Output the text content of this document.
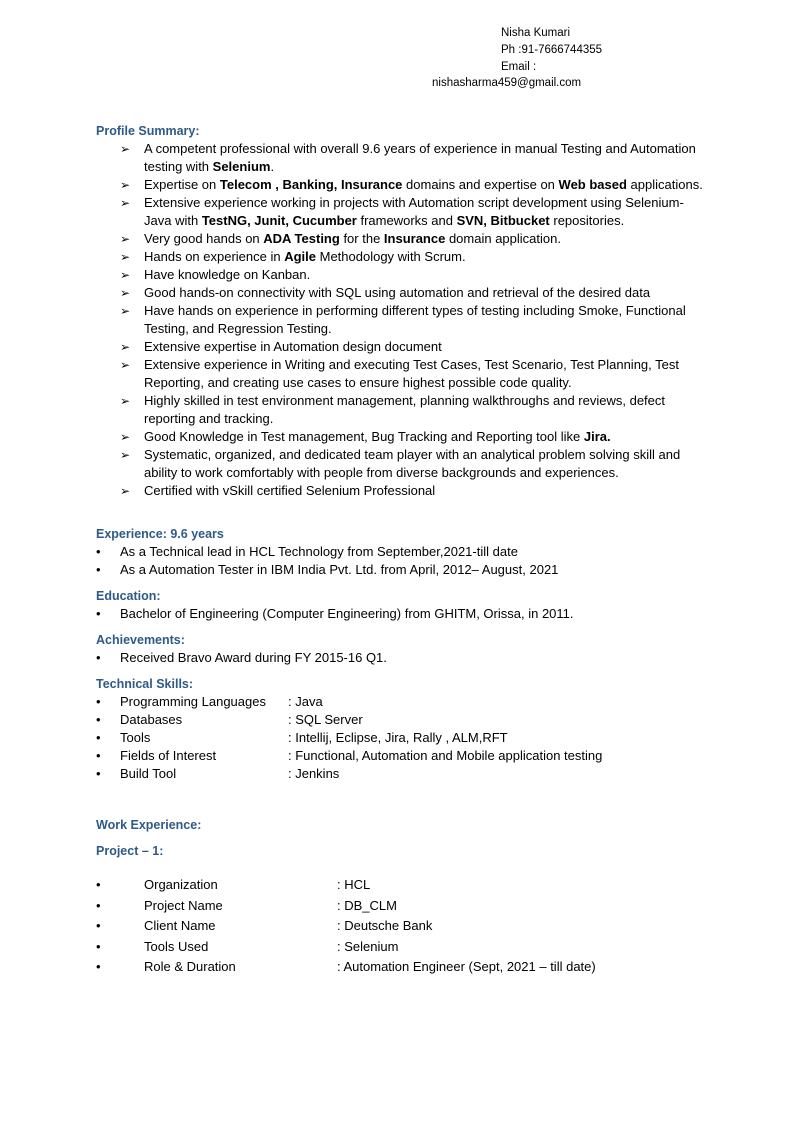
Nisha Kumari
Ph :91-7666744355
Email :
nishasharma459@gmail.com
Profile Summary:
➢	A competent professional with overall 9.6 years of experience in manual Testing and Automation testing with Selenium.
➢	Expertise on Telecom , Banking, Insurance domains and expertise on Web based applications.
➢	Extensive experience working in projects with Automation script development using Selenium-Java with TestNG, Junit, Cucumber frameworks and SVN, Bitbucket repositories.
➢	Very good hands on ADA Testing for the Insurance domain application.
➢	Hands on experience in Agile Methodology with Scrum.
➢	Have knowledge on Kanban.
➢	Good hands-on connectivity with SQL using automation and retrieval of the desired data
➢	Have hands on experience in performing different types of testing including Smoke, Functional Testing, and Regression Testing.
➢	Extensive expertise in Automation design document
➢	Extensive experience in Writing and executing Test Cases, Test Scenario, Test Planning, Test Reporting, and creating use cases to ensure highest possible code quality.
➢	Highly skilled in test environment management, planning walkthroughs and reviews, defect reporting and tracking.
➢	Good Knowledge in Test management, Bug Tracking and Reporting tool like Jira.
➢	Systematic, organized, and dedicated team player with an analytical problem solving skill and ability to work comfortably with people from diverse backgrounds and experiences.
➢	Certified with vSkill certified Selenium Professional
Experience: 9.6 years
• As a Technical lead in HCL Technology from September,2021-till date
• As a Automation Tester in IBM India Pvt. Ltd. from April, 2012– August, 2021
Education:
• Bachelor of Engineering (Computer Engineering) from GHITM, Orissa, in 2011.
Achievements:
• Received Bravo Award during FY 2015-16 Q1.
Technical Skills:
• Programming Languages : Java
• Databases	: SQL Server
• Tools	: Intellij, Eclipse, Jira, Rally , ALM,RFT
• Fields of Interest	: Functional, Automation and Mobile application testing
• Build Tool	: Jenkins
Work Experience:
Project – 1:
•	Organization	: HCL
•	Project Name	: DB_CLM
•	Client Name	: Deutsche Bank
•	Tools Used	: Selenium
•	Role & Duration	: Automation Engineer (Sept, 2021 – till date)
